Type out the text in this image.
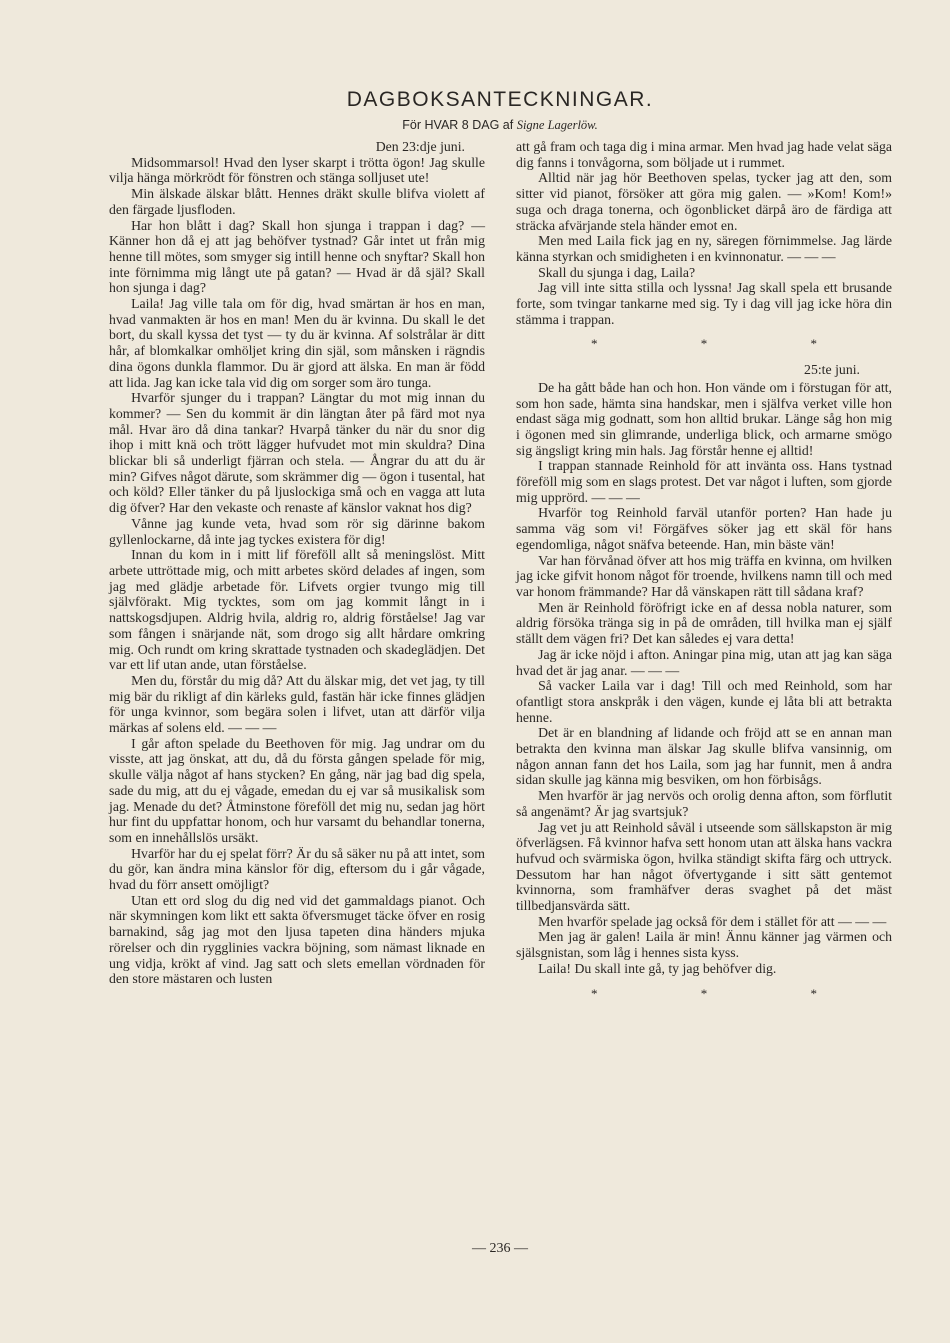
DAGBOKSANTECKNINGAR.
För HVAR 8 DAG af Signe Lagerlöw.

Den 23:dje juni.

Midsommarsol! Hvad den lyser skarpt i trötta ögon! Jag skulle vilja hänga mörkrödt för fönstren och stänga solljuset ute!

Min älskade älskar blått. Hennes dräkt skulle blifva violett af den färgade ljusfloden.

Har hon blått i dag? Skall hon sjunga i trappan i dag? — Känner hon då ej att jag behöfver tystnad? Går intet ut från mig henne till mötes, som smyger sig intill henne och snyftar? Skall hon inte förnimma mig långt ute på gatan? — Hvad är då själ? Skall hon sjunga i dag?

Laila! Jag ville tala om för dig, hvad smärtan är hos en man, hvad vanmakten är hos en man! Men du är kvinna. Du skall le det bort, du skall kyssa det tyst — ty du är kvinna. Af solstrålar är ditt hår, af blomkalkar omhöljet kring din själ, som månsken i rägndis dina ögons dunkla flammor. Du är gjord att älska. En man är född att lida. Jag kan icke tala vid dig om sorger som äro tunga.

Hvarför sjunger du i trappan? Längtar du mot mig innan du kommer? — Sen du kommit är din längtan åter på färd mot nya mål. Hvar äro då dina tankar? Hvarpå tänker du när du snor dig ihop i mitt knä och trött lägger hufvudet mot min skuldra? Dina blickar bli så underligt fjärran och stela. — Ångrar du att du är min? Gifves något därute, som skrämmer dig — ögon i tusental, hat och köld? Eller tänker du på ljuslockiga små och en vagga att luta dig öfver? Har den vekaste och renaste af känslor vaknat hos dig?

Vånne jag kunde veta, hvad som rör sig därinne bakom gyllenlockarne, då inte jag tyckes existera för dig!

Innan du kom in i mitt lif föreföll allt så meningslöst. Mitt arbete uttröttade mig, och mitt arbetes skörd delades af ingen, som jag med glädje arbetade för. Lifvets orgier tvungo mig till självförakt. Mig tycktes, som om jag kommit långt in i nattskogsdjupen. Aldrig hvila, aldrig ro, aldrig förståelse! Jag var som fången i snärjande nät, som drogo sig allt hårdare omkring mig. Och rundt om kring skrattade tystnaden och skadeglädjen. Det var ett lif utan ande, utan förståelse.

Men du, förstår du mig då? Att du älskar mig, det vet jag, ty till mig bär du rikligt af din kärleks guld, fastän här icke finnes glädjen för unga kvinnor, som begära solen i lifvet, utan att därför vilja märkas af solens eld. — — —

I går afton spelade du Beethoven för mig. Jag undrar om du visste, att jag önskat, att du, då du första gången spelade för mig, skulle välja något af hans stycken? En gång, när jag bad dig spela, sade du mig, att du ej vågade, emedan du ej var så musikalisk som jag. Menade du det? Åtminstone föreföll det mig nu, sedan jag hört hur fint du uppfattar honom, och hur varsamt du behandlar tonerna, som en innehållslös ursäkt.

Hvarför har du ej spelat förr? Är du så säker nu på att intet, som du gör, kan ändra mina känslor för dig, eftersom du i går vågade, hvad du förr ansett omöjligt?

Utan ett ord slog du dig ned vid det gammaldags pianot. Och när skymningen kom likt ett sakta öfversmuget täcke öfver en rosig barnakind, såg jag mot den ljusa tapeten dina händers mjuka rörelser och din rygglinies vackra böjning, som nämast liknade en ung vidja, krökt af vind. Jag satt och slets emellan vördnaden för den store mästaren och lusten

att gå fram och taga dig i mina armar. Men hvad jag hade velat säga dig fanns i tonvågorna, som böljade ut i rummet.

Alltid när jag hör Beethoven spelas, tycker jag att den, som sitter vid pianot, försöker att göra mig galen. — »Kom! Kom!» suga och draga tonerna, och ögonblicket därpå äro de färdiga att sträcka afvärjande stela händer emot en.

Men med Laila fick jag en ny, säregen förnimmelse. Jag lärde känna styrkan och smidigheten i en kvinnonatur. — — —

Skall du sjunga i dag, Laila?

Jag vill inte sitta stilla och lyssna! Jag skall spela ett brusande forte, som tvingar tankarne med sig. Ty i dag vill jag icke höra din stämma i trappan.

* * *

25:te juni.

De ha gått både han och hon. Hon vände om i förstugan för att, som hon sade, hämta sina handskar, men i själfva verket ville hon endast säga mig godnatt, som hon alltid brukar. Länge såg hon mig i ögonen med sin glimrande, underliga blick, och armarne smögo sig ängsligt kring min hals. Jag förstår henne ej alltid!

I trappan stannade Reinhold för att invänta oss. Hans tystnad föreföll mig som en slags protest. Det var något i luften, som gjorde mig upprörd. — — —

Hvarför tog Reinhold farväl utanför porten? Han hade ju samma väg som vi! Förgäfves söker jag ett skäl för hans egendomliga, något snäfva beteende. Han, min bäste vän!

Var han förvånad öfver att hos mig träffa en kvinna, om hvilken jag icke gifvit honom något för troende, hvilkens namn till och med var honom främmande? Har då vänskapen rätt till sådana kraf?

Men är Reinhold föröfrigt icke en af dessa nobla naturer, som aldrig försöka tränga sig in på de områden, till hvilka man ej själf ställt dem vägen fri? Det kan således ej vara detta!

Jag är icke nöjd i afton. Aningar pina mig, utan att jag kan säga hvad det är jag anar. — — —

Så vacker Laila var i dag! Till och med Reinhold, som har ofantligt stora anskpråk i den vägen, kunde ej låta bli att betrakta henne.

Det är en blandning af lidande och fröjd att se en annan man betrakta den kvinna man älskar Jag skulle blifva vansinnig, om någon annan fann det hos Laila, som jag har funnit, men å andra sidan skulle jag känna mig besviken, om hon förbisågs.

Men hvarför är jag nervös och orolig denna afton, som förflutit så angenämt? Är jag svartsjuk?

Jag vet ju att Reinhold såväl i utseende som sällskapston är mig öfverlägsen. Få kvinnor hafva sett honom utan att älska hans vackra hufvud och svärmiska ögon, hvilka ständigt skifta färg och uttryck. Dessutom har han något öfvertygande i sitt sätt gentemot kvinnorna, som framhäfver deras svaghet på det mäst tillbedjansvärda sätt.

Men hvarför spelade jag också för dem i stället för att — — —

Men jag är galen! Laila är min! Ännu känner jag värmen och själsgnistan, som låg i hennes sista kyss.

Laila! Du skall inte gå, ty jag behöfver dig.

* * *
— 236 —
